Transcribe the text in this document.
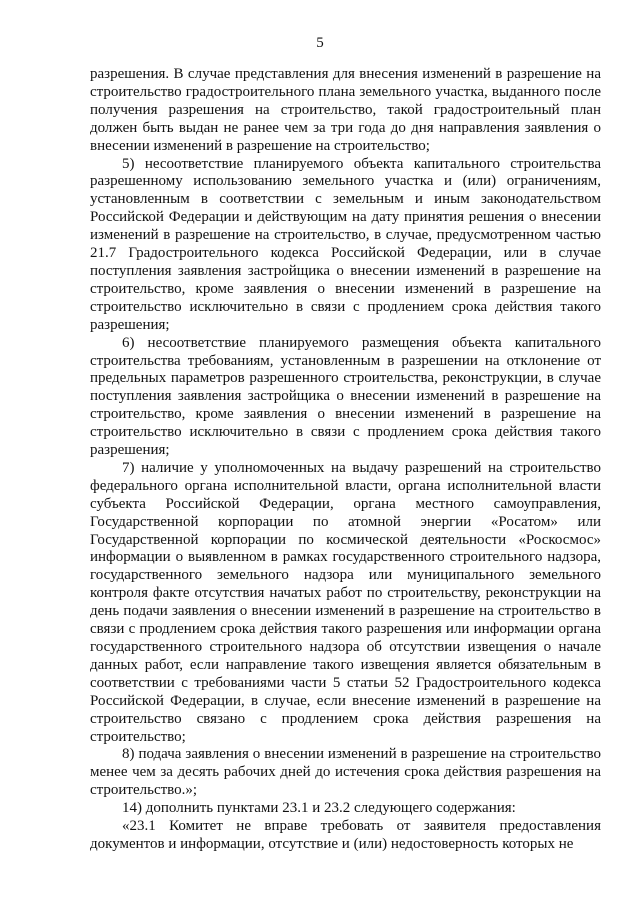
5

разрешения. В случае представления для внесения изменений в разрешение на строительство градостроительного плана земельного участка, выданного после получения разрешения на строительство, такой градостроительный план должен быть выдан не ранее чем за три года до дня направления заявления о внесении изменений в разрешение на строительство;

5) несоответствие планируемого объекта капитального строительства разрешенному использованию земельного участка и (или) ограничениям, установленным в соответствии с земельным и иным законодательством Российской Федерации и действующим на дату принятия решения о внесении изменений в разрешение на строительство, в случае, предусмотренном частью 21.7 Градостроительного кодекса Российской Федерации, или в случае поступления заявления застройщика о внесении изменений в разрешение на строительство, кроме заявления о внесении изменений в разрешение на строительство исключительно в связи с продлением срока действия такого разрешения;

6) несоответствие планируемого размещения объекта капитального строительства требованиям, установленным в разрешении на отклонение от предельных параметров разрешенного строительства, реконструкции, в случае поступления заявления застройщика о внесении изменений в разрешение на строительство, кроме заявления о внесении изменений в разрешение на строительство исключительно в связи с продлением срока действия такого разрешения;

7) наличие у уполномоченных на выдачу разрешений на строительство федерального органа исполнительной власти, органа исполнительной власти субъекта Российской Федерации, органа местного самоуправления, Государственной корпорации по атомной энергии «Росатом» или Государственной корпорации по космической деятельности «Роскосмос» информации о выявленном в рамках государственного строительного надзора, государственного земельного надзора или муниципального земельного контроля факте отсутствия начатых работ по строительству, реконструкции на день подачи заявления о внесении изменений в разрешение на строительство в связи с продлением срока действия такого разрешения или информации органа государственного строительного надзора об отсутствии извещения о начале данных работ, если направление такого извещения является обязательным в соответствии с требованиями части 5 статьи 52 Градостроительного кодекса Российской Федерации, в случае, если внесение изменений в разрешение на строительство связано с продлением срока действия разрешения на строительство;

8) подача заявления о внесении изменений в разрешение на строительство менее чем за десять рабочих дней до истечения срока действия разрешения на строительство.»;

14) дополнить пунктами 23.1 и 23.2 следующего содержания:

«23.1 Комитет не вправе требовать от заявителя предоставления документов и информации, отсутствие и (или) недостоверность которых не
